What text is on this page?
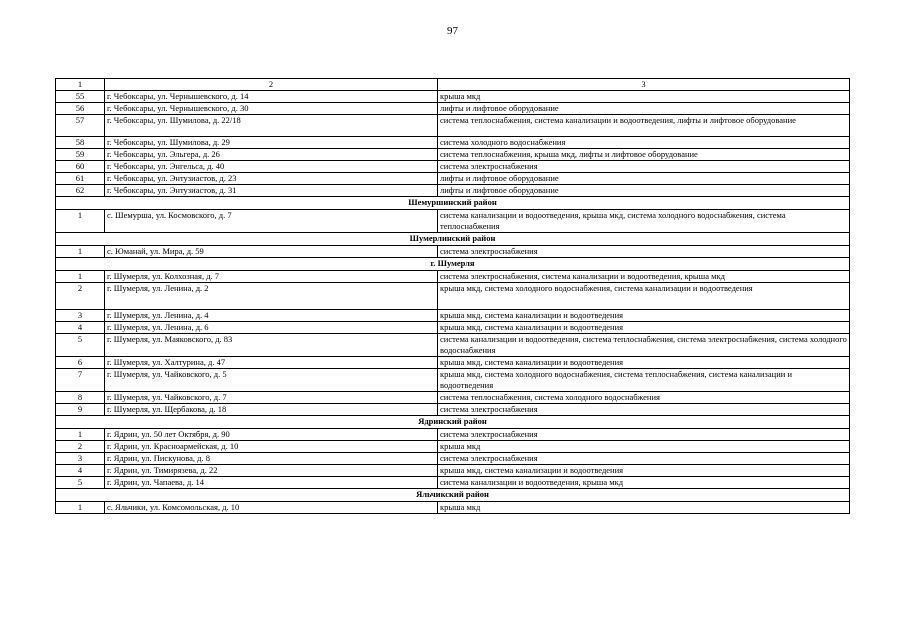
97
1	2	3
55	г. Чебоксары, ул. Чернышевского, д. 14	крыша мкд
56	г. Чебоксары, ул. Чернышевского, д. 30	лифты и лифтовое оборудование
57	г. Чебоксары, ул. Шумилова, д. 22/18	система теплоснабжения, система канализации и водоотведения, лифты и лифтовое оборудование
58	г. Чебоксары, ул. Шумилова, д. 29	система холодного водоснабжения
59	г. Чебоксары, ул. Эльгера, д. 26	система теплоснабжения, крыша мкд, лифты и лифтовое оборудование
60	г. Чебоксары, ул. Энгельса, д. 40	система электроснабжения
61	г. Чебоксары, ул. Энтузиастов, д. 23	лифты и лифтовое оборудование
62	г. Чебоксары, ул. Энтузиастов, д. 31	лифты и лифтовое оборудование
Шемуршинский район		
1	с. Шемурша, ул. Космовского, д. 7	система канализации и водоотведения, крыша мкд, система холодного водоснабжения, система теплоснабжения
Шумерлинский район		
1	с. Юманай, ул. Мира, д. 59	система электроснабжения
г. Шумерля		
1	г. Шумерля, ул. Колхозная, д. 7	система электроснабжения, система канализации и водоотведения, крыша мкд
2	г. Шумерля, ул. Ленина, д. 2	крыша мкд, система холодного водоснабжения, система канализации и водоотведения
3	г. Шумерля, ул. Ленина, д. 4	крыша мкд, система канализации и водоотведения
4	г. Шумерля, ул. Ленина, д. 6	крыша мкд, система канализации и водоотведения
5	г. Шумерля, ул. Маяковского, д. 83	система канализации и водоотведения, система теплоснабжения, система электроснабжения, система холодного водоснабжения
6	г. Шумерля, ул. Халтурина, д. 47	крыша мкд, система канализации и водоотведения
7	г. Шумерля, ул. Чайковского, д. 5	крыша мкд, система холодного водоснабжения, система теплоснабжения, система канализации и водоотведения
8	г. Шумерля, ул. Чайковского, д. 7	система теплоснабжения, система холодного водоснабжения
9	г. Шумерля, ул. Щербакова, д. 18	система электроснабжения
Ядринский район		
1	г. Ядрин, ул. 50 лет Октября, д. 90	система электроснабжения
2	г. Ядрин, ул. Красноармейская, д. 10	крыша мкд
3	г. Ядрин, ул. Пискунова, д. 8	система электроснабжения
4	г. Ядрин, ул. Тимирязева, д. 22	крыша мкд, система канализации и водоотведения
5	г. Ядрин, ул. Чапаева, д. 14	система канализации и водоотведения, крыша мкд
Яльчикский район		
1	с. Яльчики, ул. Комсомольская, д. 10	крыша мкд
